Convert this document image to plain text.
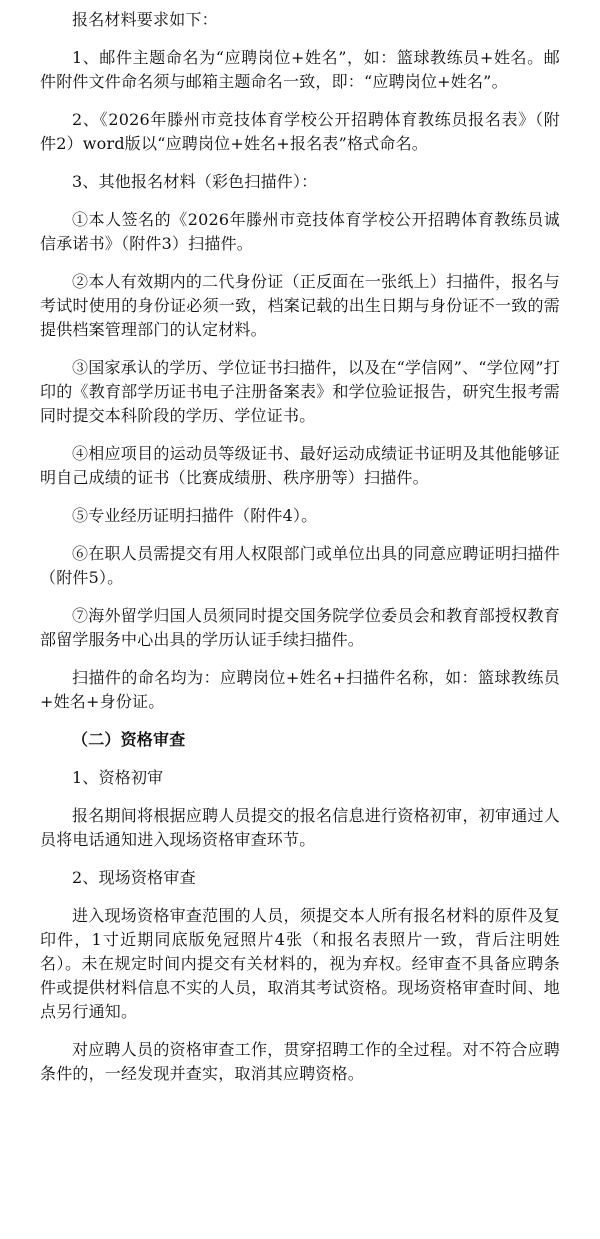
报名材料要求如下：

1、邮件主题命名为“应聘岗位+姓名”，如：篮球教练员+姓名。邮件附件文件命名须与邮箱主题命名一致，即：“应聘岗位+姓名”。

2、《2026年滕州市竞技体育学校公开招聘体育教练员报名表》（附件2）word版以“应聘岗位+姓名+报名表”格式命名。

3、其他报名材料（彩色扫描件）：

①本人签名的《2026年滕州市竞技体育学校公开招聘体育教练员诚信承诺书》（附件3）扫描件。

②本人有效期内的二代身份证（正反面在一张纸上）扫描件，报名与考试时使用的身份证必须一致，档案记载的出生日期与身份证不一致的需提供档案管理部门的认定材料。

③国家承认的学历、学位证书扫描件，以及在“学信网”、“学位网”打印的《教育部学历证书电子注册备案表》和学位验证报告，研究生报考需同时提交本科阶段的学历、学位证书。

④相应项目的运动员等级证书、最好运动成绩证书证明及其他能够证明自己成绩的证书（比赛成绩册、秩序册等）扫描件。

⑤专业经历证明扫描件（附件4）。

⑥在职人员需提交有用人权限部门或单位出具的同意应聘证明扫描件（附件5）。

⑦海外留学归国人员须同时提交国务院学位委员会和教育部授权教育部留学服务中心出具的学历认证手续扫描件。

扫描件的命名均为：应聘岗位+姓名+扫描件名称，如：篮球教练员+姓名+身份证。

（二）资格审查

1、资格初审

报名期间将根据应聘人员提交的报名信息进行资格初审，初审通过人员将电话通知进入现场资格审查环节。

2、现场资格审查

进入现场资格审查范围的人员，须提交本人所有报名材料的原件及复印件，1寸近期同底版免冠照片4张（和报名表照片一致，背后注明姓名）。未在规定时间内提交有关材料的，视为弃权。经审查不具备应聘条件或提供材料信息不实的人员，取消其考试资格。现场资格审查时间、地点另行通知。

对应聘人员的资格审查工作，贯穿招聘工作的全过程。对不符合应聘条件的，一经发现并查实，取消其应聘资格。
